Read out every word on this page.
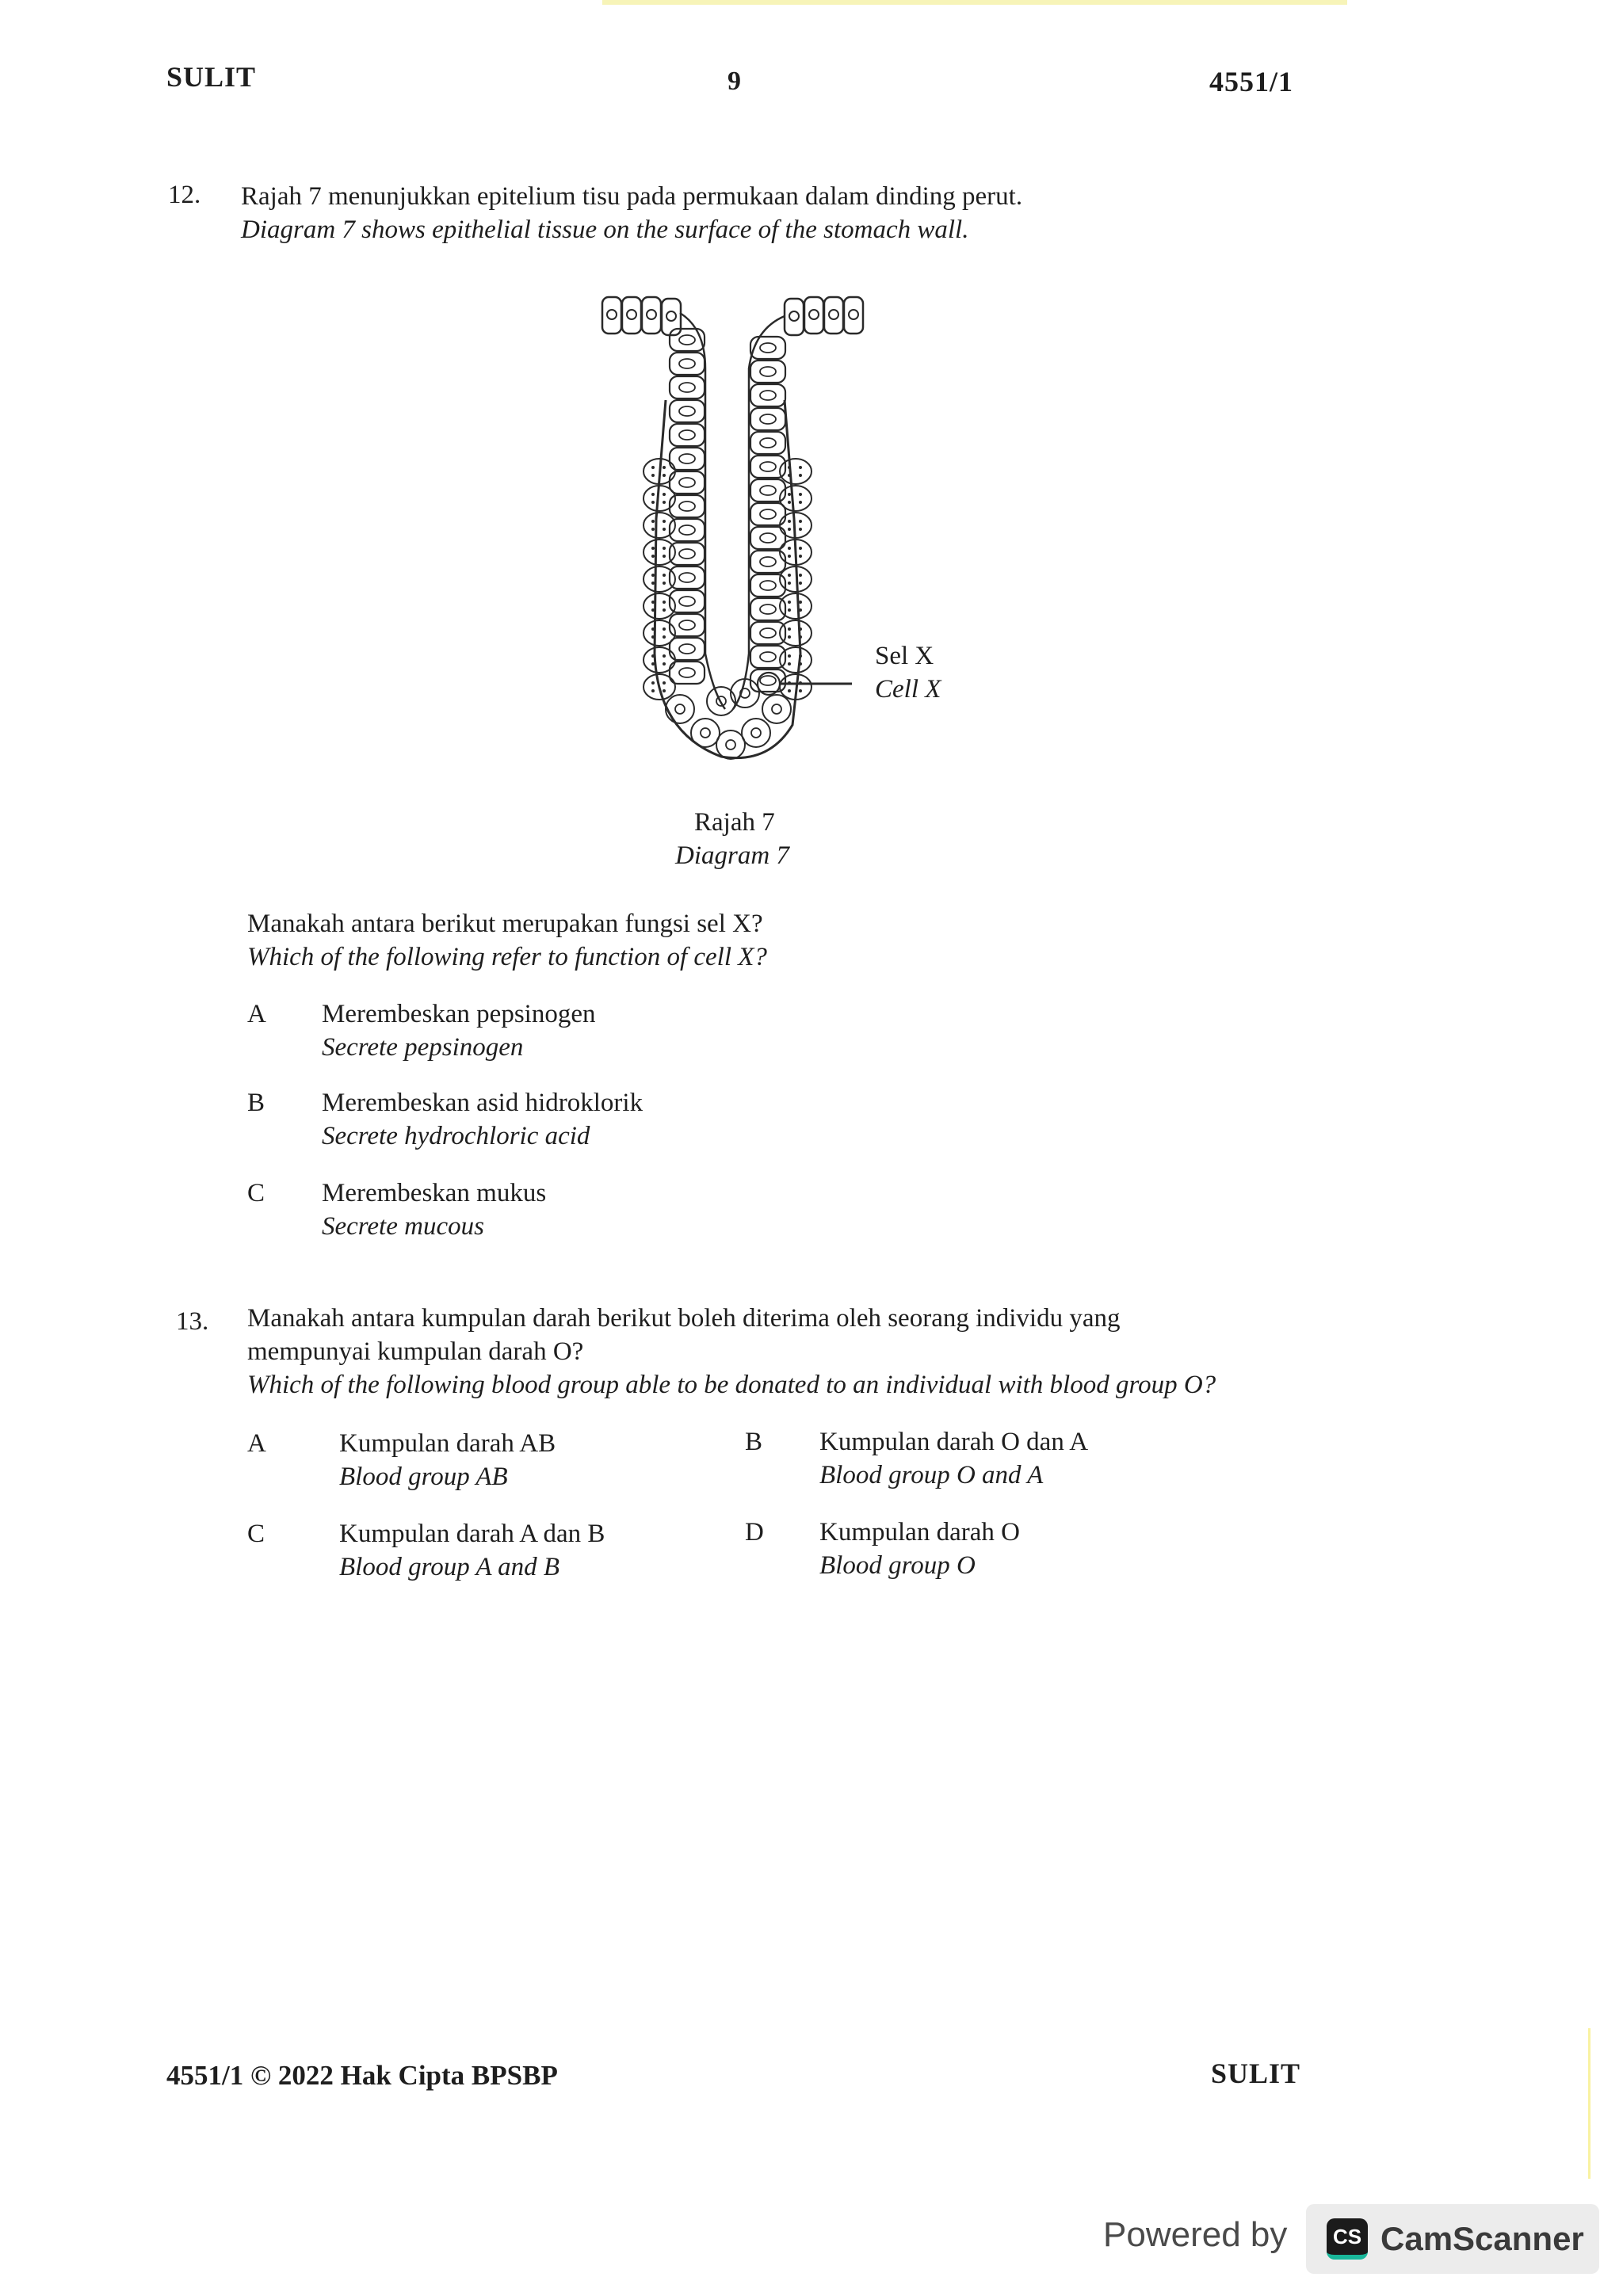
SULIT	9	4551/1
12. Rajah 7 menunjukkan epitelium tisu pada permukaan dalam dinding perut.
Diagram 7 shows epithelial tissue on the surface of the stomach wall.
Sel X
Cell X
Rajah 7
Diagram 7
Manakah antara berikut merupakan fungsi sel X?
Which of the following refer to function of cell X?
A Merembeskan pepsinogen
Secrete pepsinogen
B Merembeskan asid hidroklorik
Secrete hydrochloric acid
C Merembeskan mukus
Secrete mucous
13. Manakah antara kumpulan darah berikut boleh diterima oleh seorang individu yang
mempunyai kumpulan darah O?
Which of the following blood group able to be donated to an individual with blood group O?
A	Kumpulan darah AB
Blood group AB
B Kumpulan darah O dan A
Blood group O and A
C	Kumpulan darah A dan B
Blood group A and B
D Kumpulan darah O
Blood group O
4551/1 © 2022 Hak Cipta BPSBP	SULIT
Powered by	CS CamScanner
